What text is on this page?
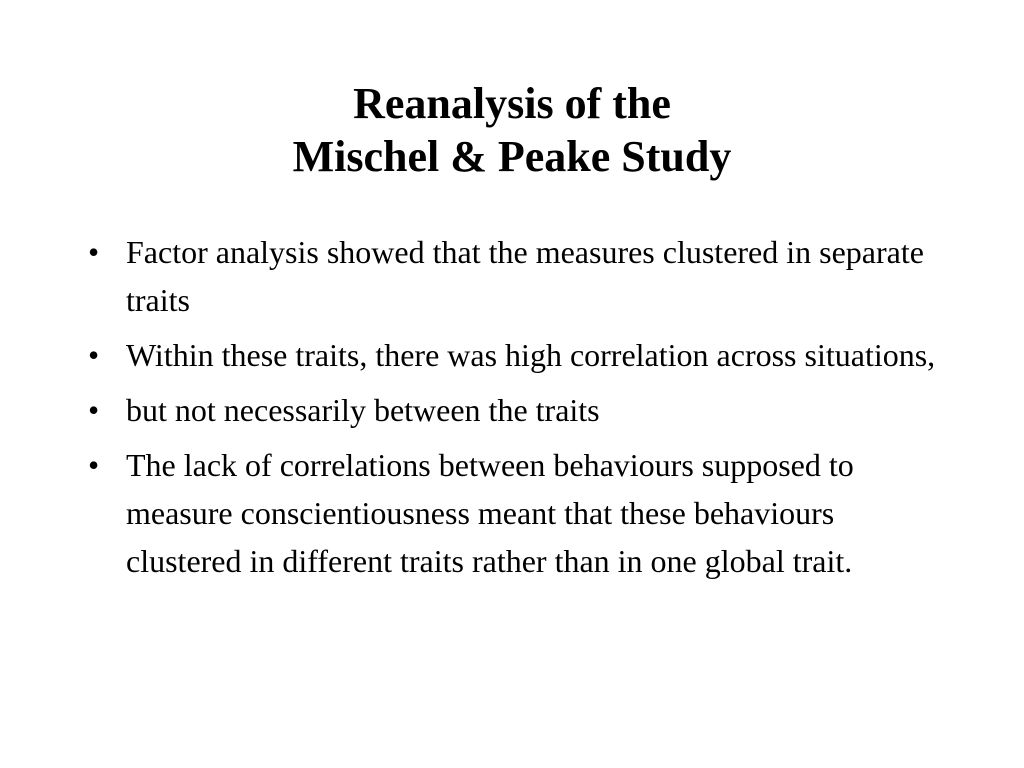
Reanalysis of the
Mischel & Peake Study
• Factor analysis showed that the measures clustered in separate traits
• Within these traits, there was high correlation across situations,
• but not necessarily between the traits
• The lack of correlations between behaviours supposed to measure conscientiousness meant that these behaviours clustered in different traits rather than in one global trait.
